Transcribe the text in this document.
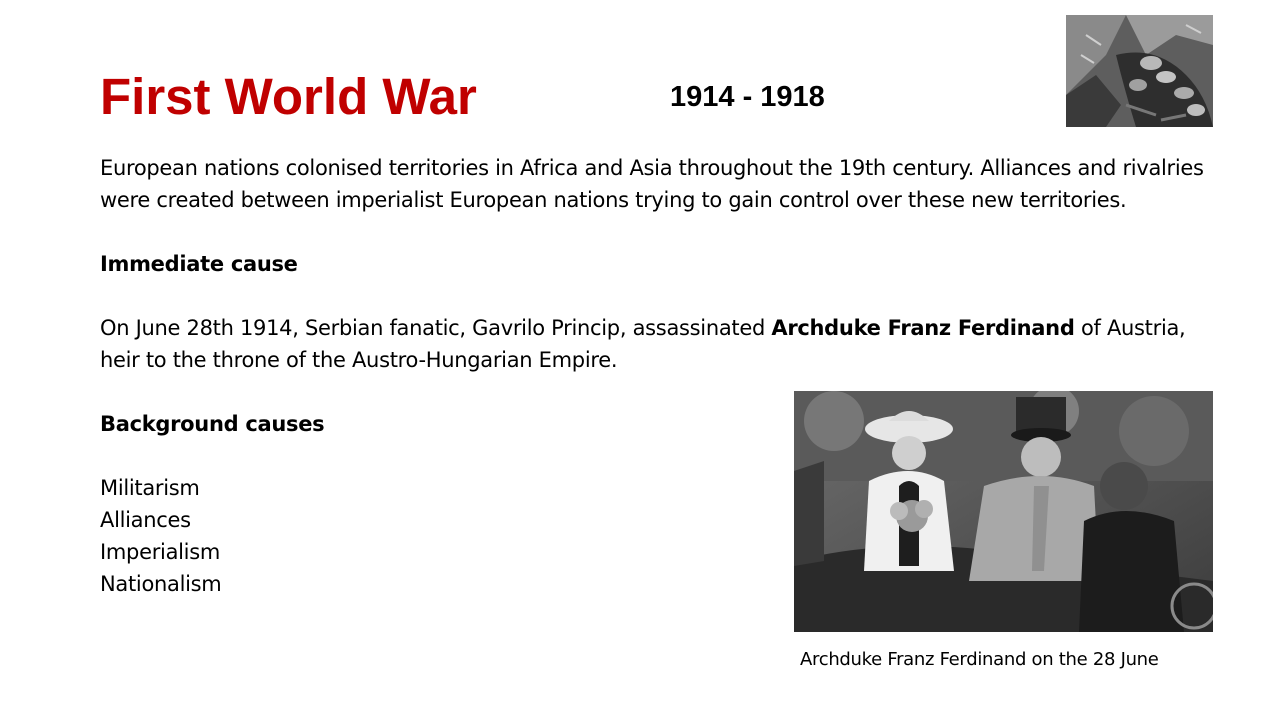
First World War	1914 - 1918

European nations colonised territories in Africa and Asia throughout the 19th century. Alliances and rivalries were created between imperialist European nations trying to gain control over these new territories.

Immediate cause

On June 28th 1914, Serbian fanatic, Gavrilo Princip, assassinated Archduke Franz Ferdinand of Austria, heir to the throne of the Austro-Hungarian Empire.

Background causes

Militarism
Alliances
Imperialism
Nationalism
Archduke Franz Ferdinand on the 28 June
